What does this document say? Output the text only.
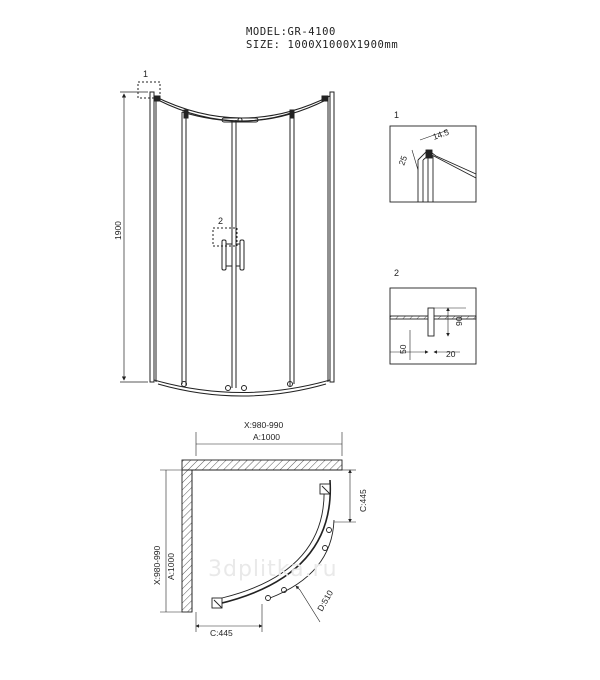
MODEL:GR-4100
SIZE: 1000X1000X1900mm
1
2
1900
1
14.5
25
2
90
50	20
X:980-990
A:1000
X:980-990 A:1000
C:445
C:445
D:510
3dplitka.ru
